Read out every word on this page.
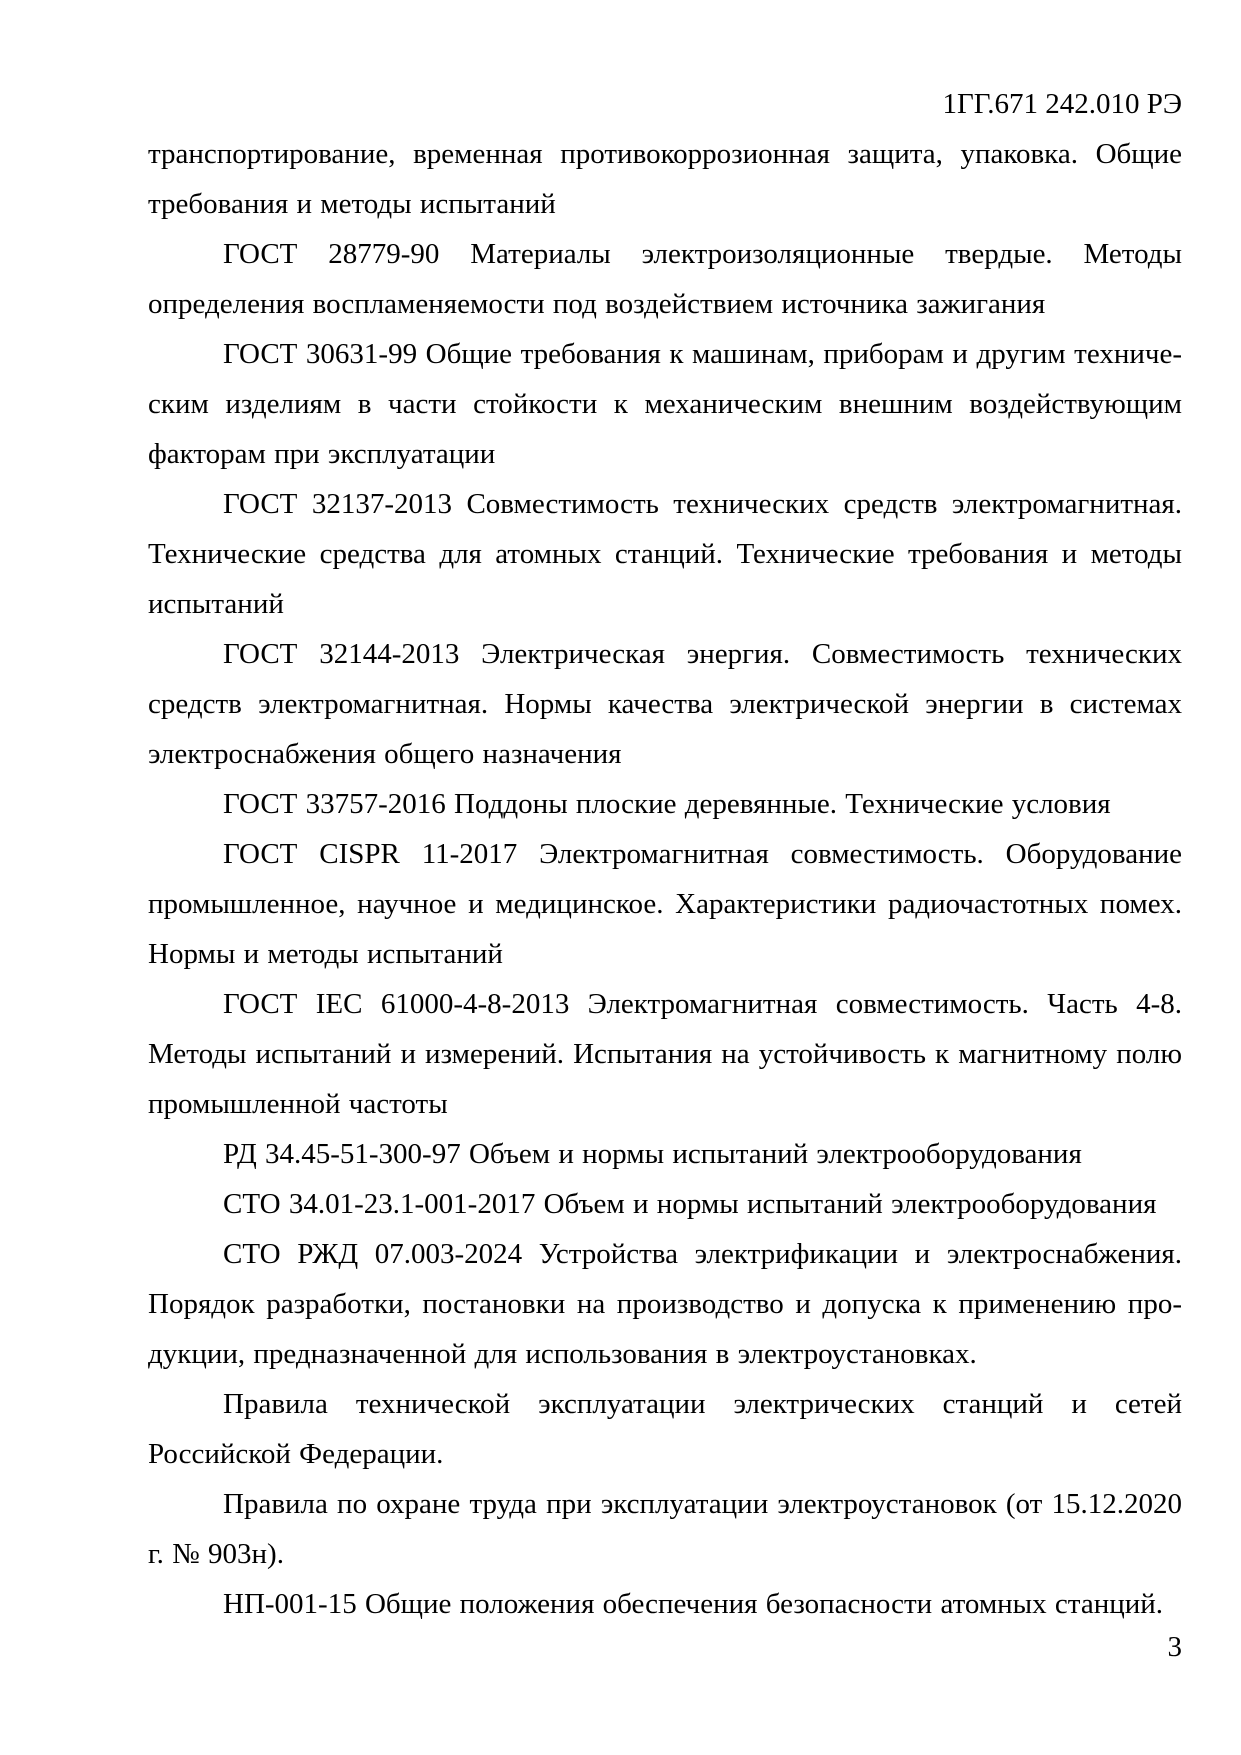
1ГГ.671 242.010 РЭ

транспортирование, временная противокоррозионная защита, упаковка. Общие требования и методы испытаний

ГОСТ 28779-90 Материалы электроизоляционные твердые. Методы определения воспламеняемости под воздействием источника зажигания

ГОСТ 30631-99 Общие требования к машинам, приборам и другим техническим изделиям в части стойкости к механическим внешним воздействующим факторам при эксплуатации

ГОСТ 32137-2013 Совместимость технических средств электромагнитная. Технические средства для атомных станций. Технические требования и методы испытаний

ГОСТ 32144-2013 Электрическая энергия. Совместимость технических средств электромагнитная. Нормы качества электрической энергии в системах электроснабжения общего назначения

ГОСТ 33757-2016 Поддоны плоские деревянные. Технические условия

ГОСТ CISPR 11-2017 Электромагнитная совместимость. Оборудование промышленное, научное и медицинское. Характеристики радиочастотных помех. Нормы и методы испытаний

ГОСТ IEC 61000-4-8-2013 Электромагнитная совместимость. Часть 4-8. Методы испытаний и измерений. Испытания на устойчивость к магнитному полю промышленной частоты

РД 34.45-51-300-97 Объем и нормы испытаний электрооборудования

СТО 34.01-23.1-001-2017 Объем и нормы испытаний электрооборудования

СТО РЖД 07.003-2024 Устройства электрификации и электроснабжения. Порядок разработки, постановки на производство и допуска к применению продукции, предназначенной для использования в электроустановках.

Правила технической эксплуатации электрических станций и сетей Российской Федерации.

Правила по охране труда при эксплуатации электроустановок (от 15.12.2020 г. № 903н).

НП-001-15 Общие положения обеспечения безопасности атомных станций.

3
